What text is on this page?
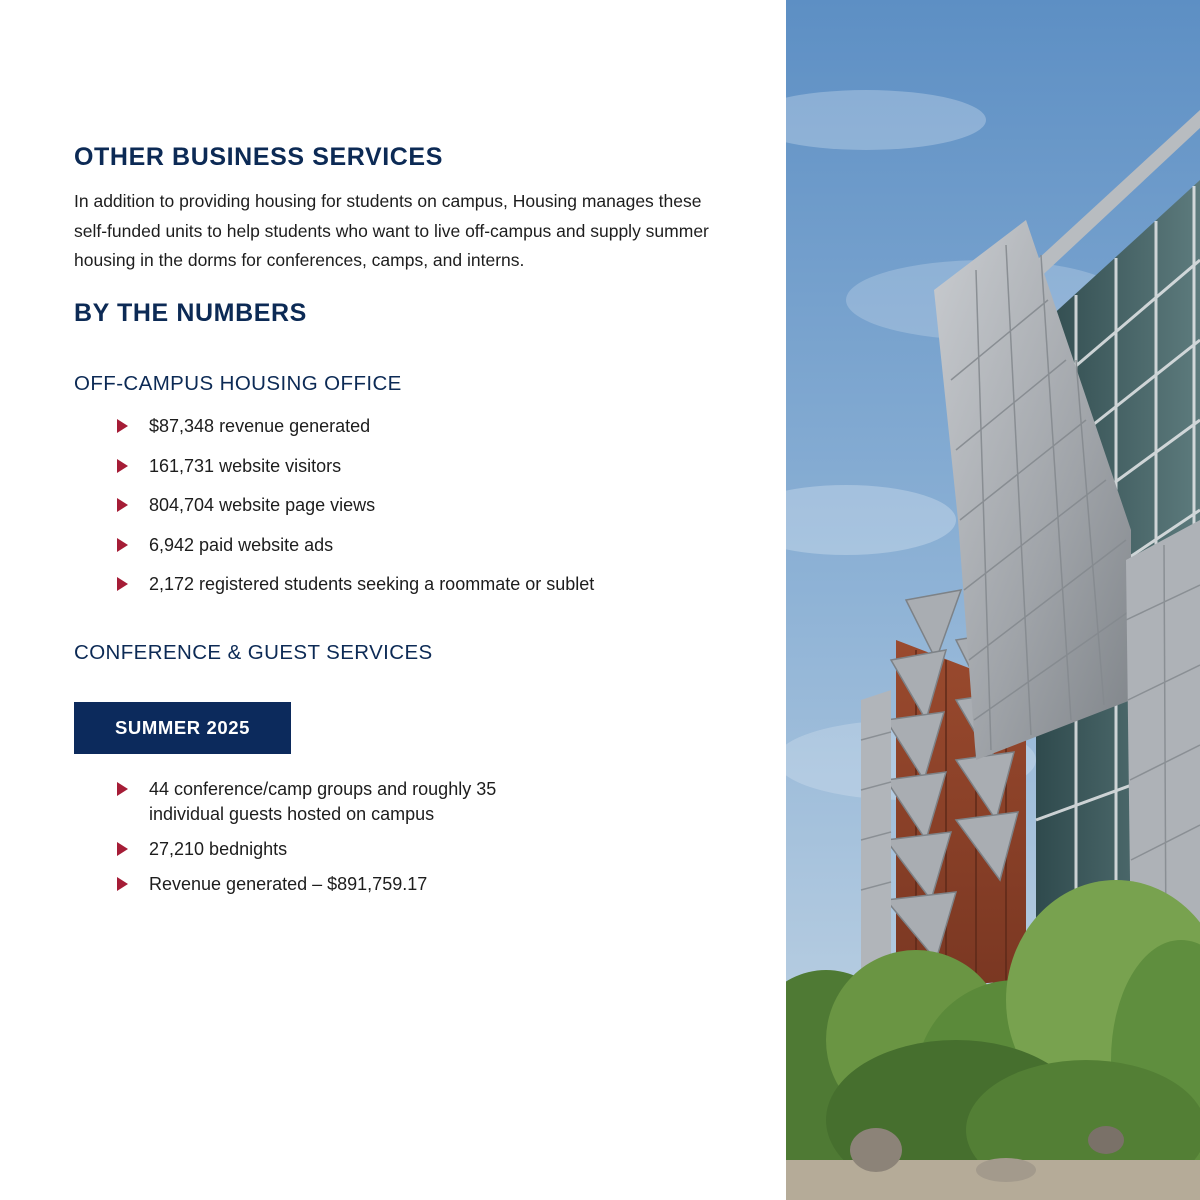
OTHER BUSINESS SERVICES

In addition to providing housing for students on campus, Housing manages these self-funded units to help students who want to live off-campus and supply summer housing in the dorms for conferences, camps, and interns.

BY THE NUMBERS
OFF-CAMPUS HOUSING OFFICE
$87,348 revenue generated
161,731 website visitors
804,704 website page views
6,942 paid website ads
2,172 registered students seeking a roommate or sublet
CONFERENCE & GUEST SERVICES
SUMMER 2025
44 conference/camp groups and roughly 35 individual guests hosted on campus
27,210 bednights
Revenue generated – $891,759.17
